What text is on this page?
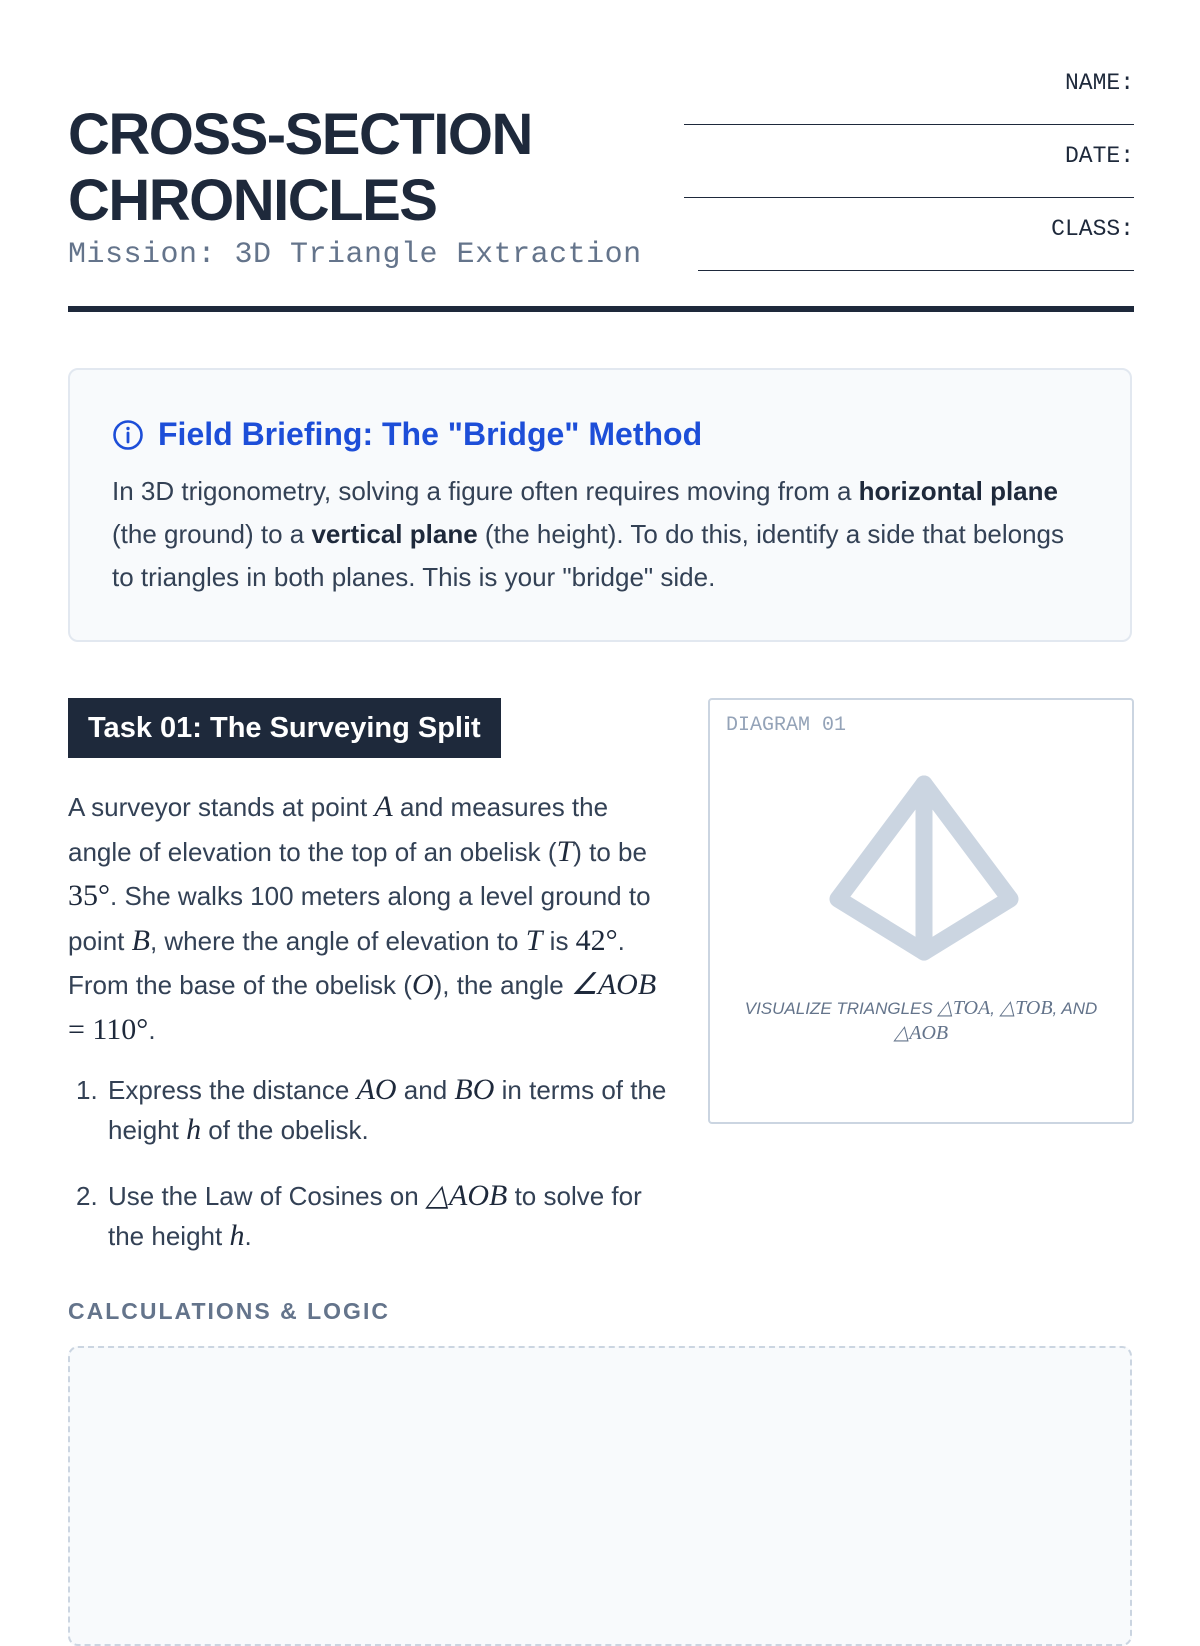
CROSS-SECTION
CHRONICLES
Mission: 3D Triangle Extraction
NAME:
DATE:
CLASS:
Field Briefing: The "Bridge" Method
In 3D trigonometry, solving a figure often requires moving from a horizontal plane (the ground) to a vertical plane (the height). To do this, identify a side that belongs to triangles in both planes. This is your "bridge" side.
Task 01: The Surveying Split
A surveyor stands at point A and measures the angle of elevation to the top of an obelisk (T) to be 35°. She walks 100 meters along a level ground to point B, where the angle of elevation to T is 42°. From the base of the obelisk (O), the angle ∠AOB = 110°.
1. Express the distance AO and BO in terms of the height h of the obelisk.
2. Use the Law of Cosines on △AOB to solve for the height h.
DIAGRAM 01
VISUALIZE TRIANGLES △TOA, △TOB, AND
△AOB
CALCULATIONS & LOGIC
